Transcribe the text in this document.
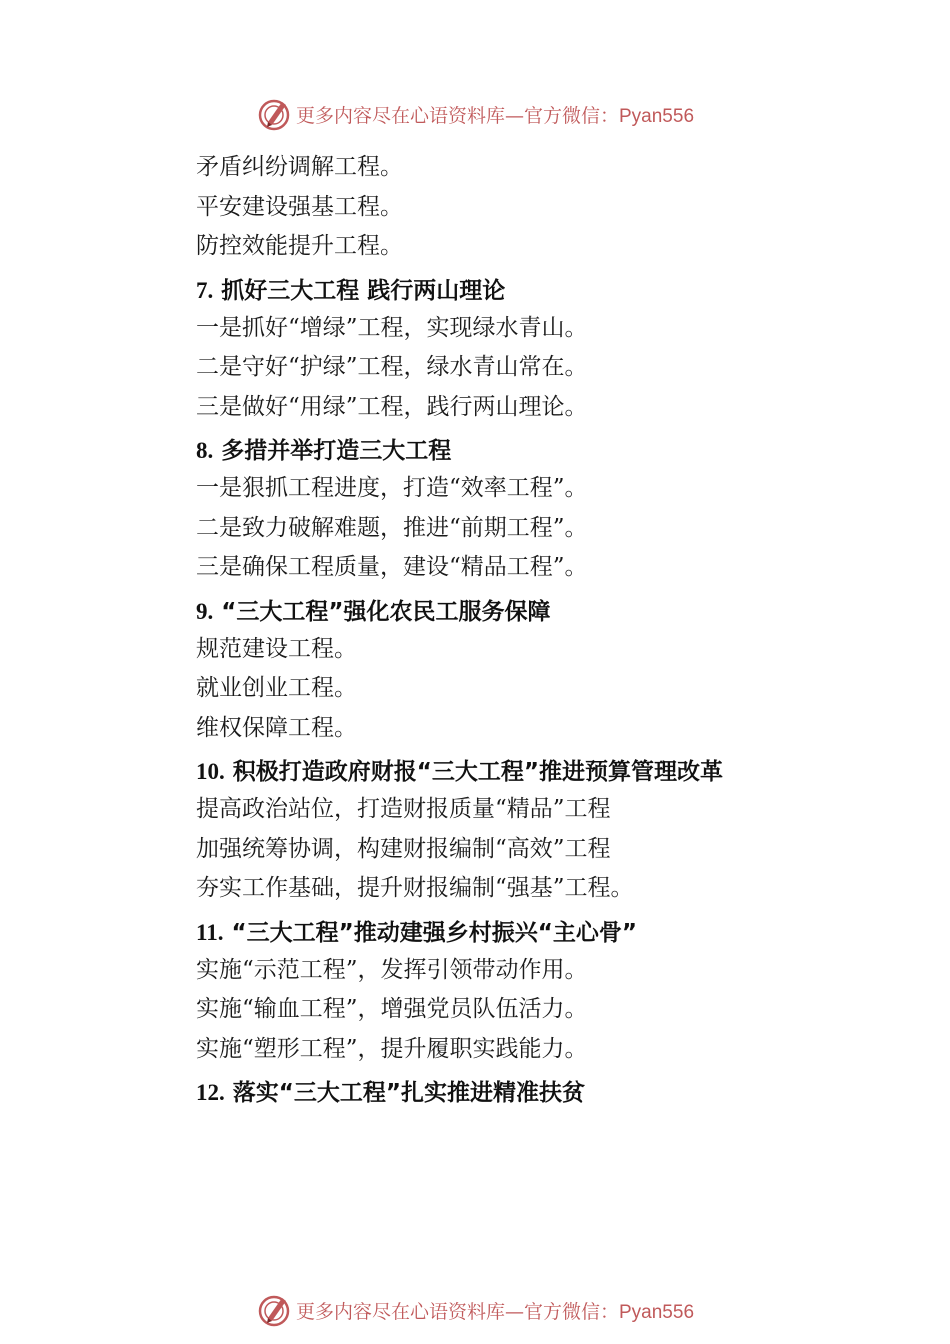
更多内容尽在心语资料库—官方微信：Pyan556
矛盾纠纷调解工程。
平安建设强基工程。
防控效能提升工程。
7. 抓好三大工程 践行两山理论
一是抓好“增绿”工程，实现绿水青山。
二是守好“护绿”工程，绿水青山常在。
三是做好“用绿”工程，践行两山理论。
8. 多措并举打造三大工程
一是狠抓工程进度，打造“效率工程”。
二是致力破解难题，推进“前期工程”。
三是确保工程质量，建设“精品工程”。
9. “三大工程”强化农民工服务保障
规范建设工程。
就业创业工程。
维权保障工程。
10. 积极打造政府财报“三大工程”推进预算管理改革
提高政治站位，打造财报质量“精品”工程
加强统筹协调，构建财报编制“高效”工程
夯实工作基础，提升财报编制“强基”工程。
11. “三大工程”推动建强乡村振兴“主心骨”
实施“示范工程”，发挥引领带动作用。
实施“输血工程”，增强党员队伍活力。
实施“塑形工程”，提升履职实践能力。
12. 落实“三大工程”扎实推进精准扶贫
更多内容尽在心语资料库—官方微信：Pyan556
